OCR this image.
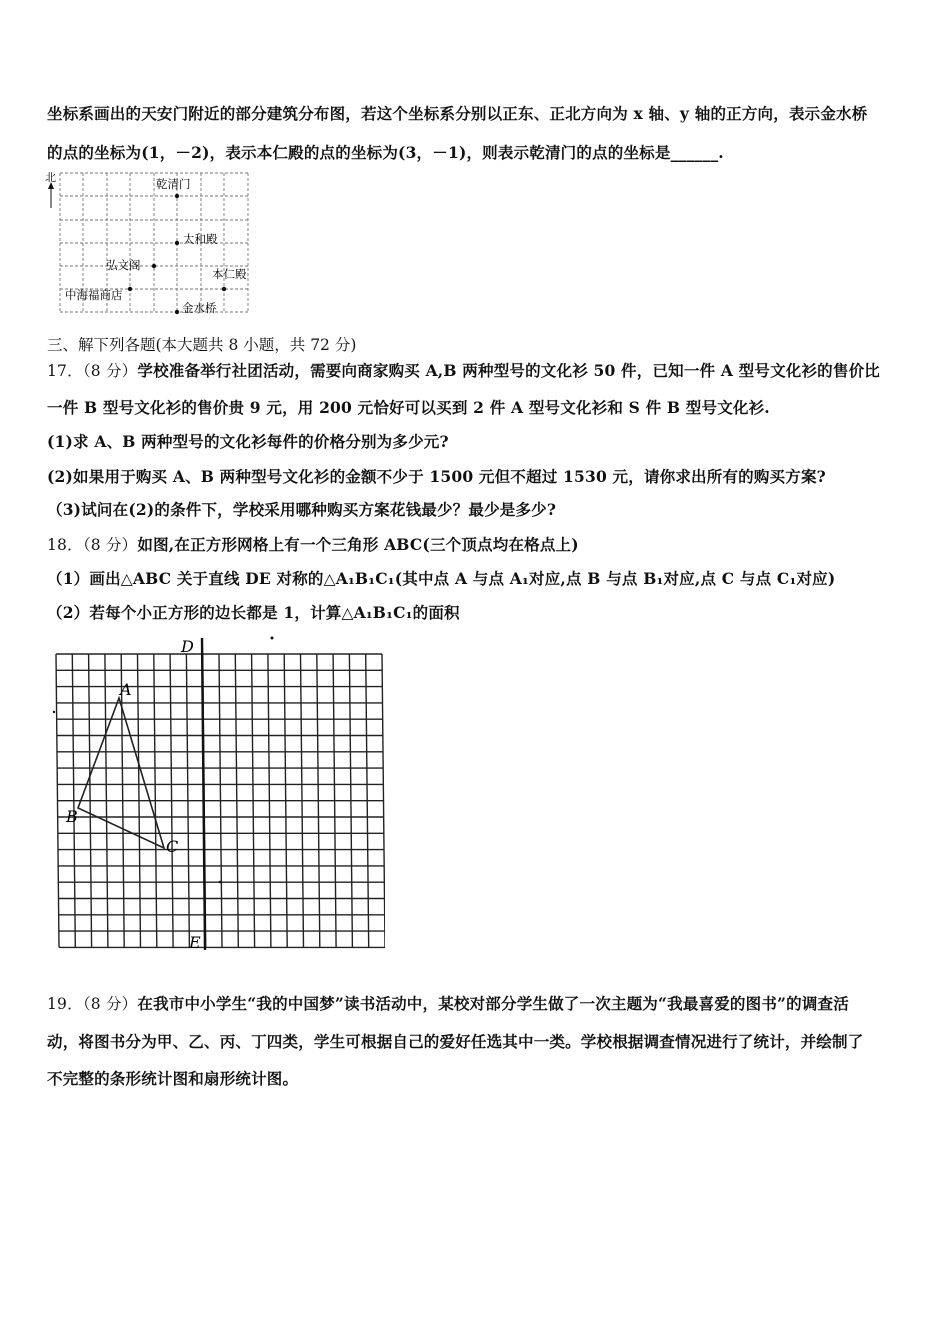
坐标系画出的天安门附近的部分建筑分布图，若这个坐标系分别以正东、正北方向为 x 轴、y 轴的正方向，表示金水桥
的点的坐标为(1，－2)，表示本仁殿的点的坐标为(3，－1)，则表示乾清门的点的坐标是______.
北	乾清门
太和殿
弘文阁
本仁殿
中海福商店
金水桥
三、解下列各题(本大题共 8 小题，共 72 分)
17．（8 分）学校准备举行社团活动，需要向商家购买 A,B 两种型号的文化衫 50 件，已知一件 A 型号文化衫的售价比
一件 B 型号文化衫的售价贵 9 元，用 200 元恰好可以买到 2 件 A 型号文化衫和 S 件 B 型号文化衫.
(1)求 A、B 两种型号的文化衫每件的价格分别为多少元?
(2)如果用于购买 A、B 两种型号文化衫的金额不少于 1500 元但不超过 1530 元，请你求出所有的购买方案?
（3)试问在(2)的条件下，学校采用哪种购买方案花钱最少？最少是多少?
18．（8 分）如图,在正方形网格上有一个三角形 ABC(三个顶点均在格点上)
（1）画出△ABC 关于直线 DE 对称的△A₁B₁C₁(其中点 A 与点 A₁对应,点 B 与点 B₁对应,点 C 与点 C₁对应)
（2）若每个小正方形的边长都是 1，计算△A₁B₁C₁的面积
D
E
A
B
C
19．（8 分）在我市中小学生“我的中国梦”读书活动中，某校对部分学生做了一次主题为“我最喜爱的图书”的调查活
动，将图书分为甲、乙、丙、丁四类，学生可根据自己的爱好任选其中一类。学校根据调查情况进行了统计，并绘制了
不完整的条形统计图和扇形统计图。
